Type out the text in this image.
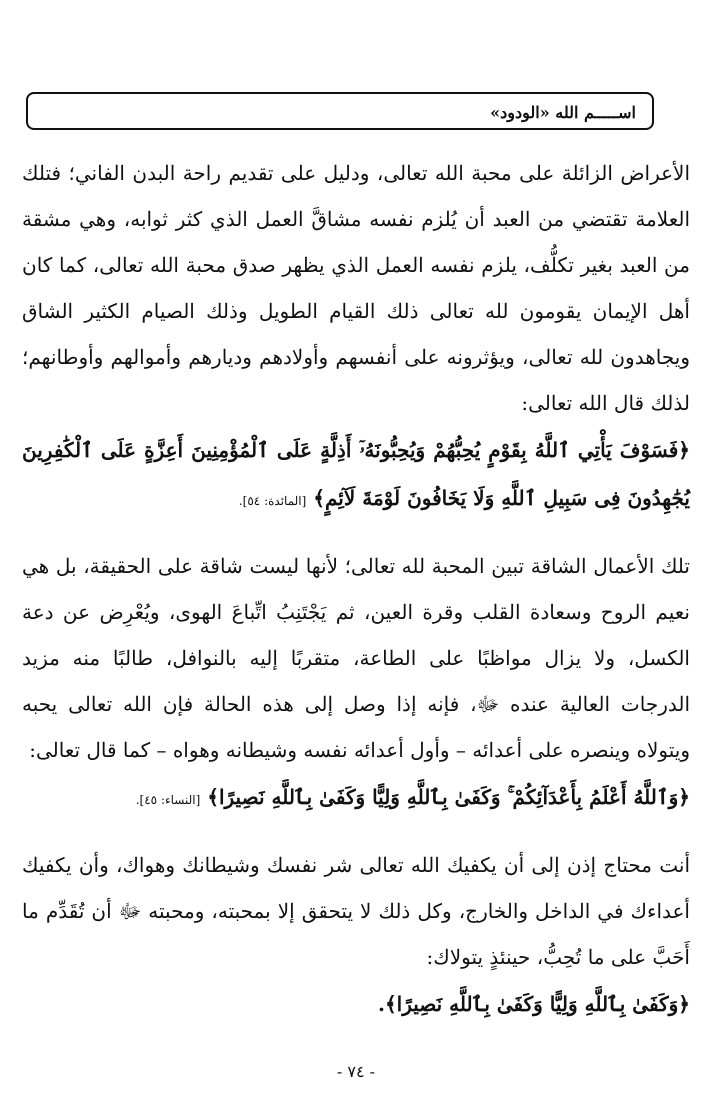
اســـــم الله «الودود»

الأعراض الزائلة على محبة الله تعالى، ودليل على تقديم راحة البدن الفاني؛ فتلك العلامة تقتضي من العبد أن يُلزم نفسه مشاقَّ العمل الذي كثر ثوابه، وهي مشقة من العبد بغير تكلُّف، يلزم نفسه العمل الذي يظهر صدق محبة الله تعالى، كما كان أهل الإيمان يقومون لله تعالى ذلك القيام الطويل وذلك الصيام الكثير الشاق ويجاهدون لله تعالى، ويؤثرونه على أنفسهم وأولادهم وديارهم وأموالهم وأوطانهم؛ لذلك قال الله تعالى:

﴿فَسَوْفَ يَأْتِي ٱللَّهُ بِقَوْمٍ يُحِبُّهُمْ وَيُحِبُّونَهُۥٓ أَذِلَّةٍ عَلَى ٱلْمُؤْمِنِينَ أَعِزَّةٍ عَلَى ٱلْكَٰفِرِينَ يُجَٰهِدُونَ فِى سَبِيلِ ٱللَّهِ وَلَا يَخَافُونَ لَوْمَةَ لَآئِمٍ﴾ [المائدة: ٥٤].

تلك الأعمال الشاقة تبين المحبة لله تعالى؛ لأنها ليست شاقة على الحقيقة، بل هي نعيم الروح وسعادة القلب وقرة العين، ثم يَجْتَنِبُ اتِّباعَ الهوى، ويُعْرِض عن دعة الكسل، ولا يزال مواظبًا على الطاعة، متقربًا إليه بالنوافل، طالبًا منه مزيد الدرجات العالية عنده ﷻ، فإنه إذا وصل إلى هذه الحالة فإن الله تعالى يحبه ويتولاه وينصره على أعدائه – وأول أعدائه نفسه وشيطانه وهواه – كما قال تعالى:

﴿وَٱللَّهُ أَعْلَمُ بِأَعْدَآئِكُمْ ۚ وَكَفَىٰ بِٱللَّهِ وَلِيًّا وَكَفَىٰ بِٱللَّهِ نَصِيرًا﴾ [النساء: ٤٥].

أنت محتاج إذن إلى أن يكفيك الله تعالى شر نفسك وشيطانك وهواك، وأن يكفيك أعداءك في الداخل والخارج، وكل ذلك لا يتحقق إلا بمحبته، ومحبته ﷻ أن تُقَدِّم ما أَحَبَّ على ما تُحِبُّ، حينئذٍ يتولاك:

﴿وَكَفَىٰ بِٱللَّهِ وَلِيًّا وَكَفَىٰ بِٱللَّهِ نَصِيرًا﴾.
- ٧٤ -
